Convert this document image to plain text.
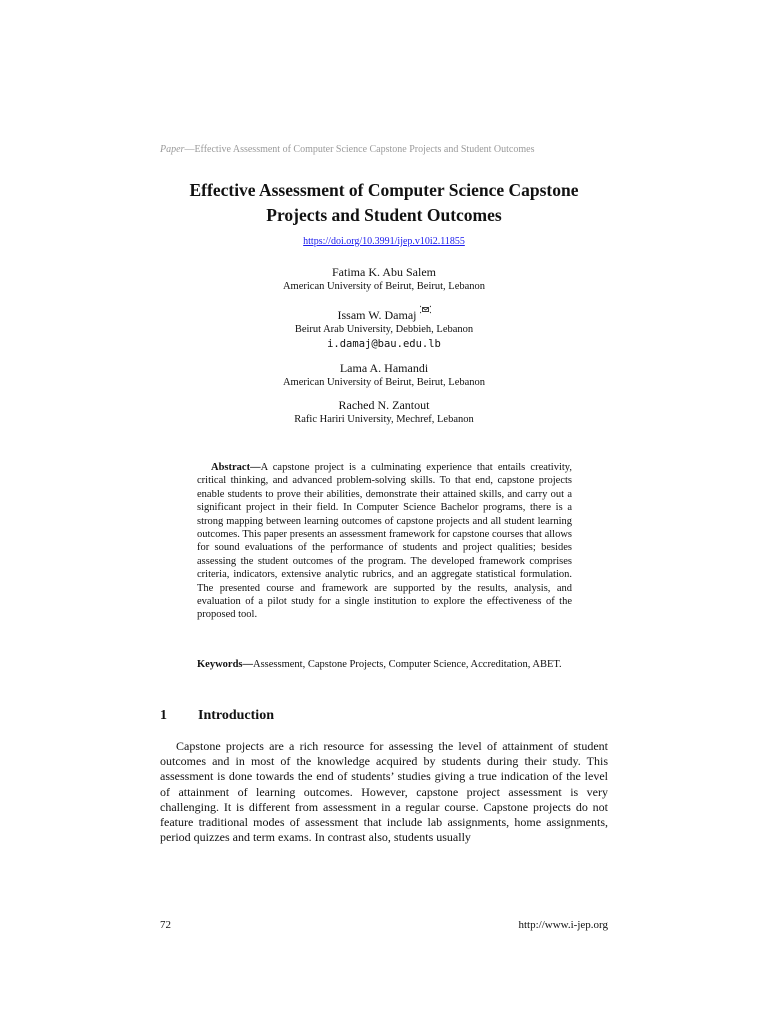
Paper—Effective Assessment of Computer Science Capstone Projects and Student Outcomes
Effective Assessment of Computer Science Capstone
Projects and Student Outcomes
https://doi.org/10.3991/ijep.v10i2.11855
Fatima K. Abu Salem
American University of Beirut, Beirut, Lebanon
Issam W. Damaj
Beirut Arab University, Debbieh, Lebanon
i.damaj@bau.edu.lb
Lama A. Hamandi
American University of Beirut, Beirut, Lebanon
Rached N. Zantout
Rafic Hariri University, Mechref, Lebanon
Abstract—A capstone project is a culminating experience that entails creativity, critical thinking, and advanced problem-solving skills. To that end, capstone projects enable students to prove their abilities, demonstrate their attained skills, and carry out a significant project in their field. In Computer Science Bachelor programs, there is a strong mapping between learning outcomes of capstone projects and all student learning outcomes. This paper presents an assessment framework for capstone courses that allows for sound evaluations of the performance of students and project qualities; besides assessing the student outcomes of the program. The developed framework comprises criteria, indicators, extensive analytic rubrics, and an aggregate statistical formulation. The presented course and framework are supported by the results, analysis, and evaluation of a pilot study for a single institution to explore the effectiveness of the proposed tool.
Keywords—Assessment, Capstone Projects, Computer Science, Accreditation, ABET.
1 Introduction
Capstone projects are a rich resource for assessing the level of attainment of student outcomes and in most of the knowledge acquired by students during their study. This assessment is done towards the end of students’ studies giving a true indication of the level of attainment of learning outcomes. However, capstone project assessment is very challenging. It is different from assessment in a regular course. Capstone projects do not feature traditional modes of assessment that include lab assignments, home assignments, period quizzes and term exams. In contrast also, students usually
72	http://www.i-jep.org
